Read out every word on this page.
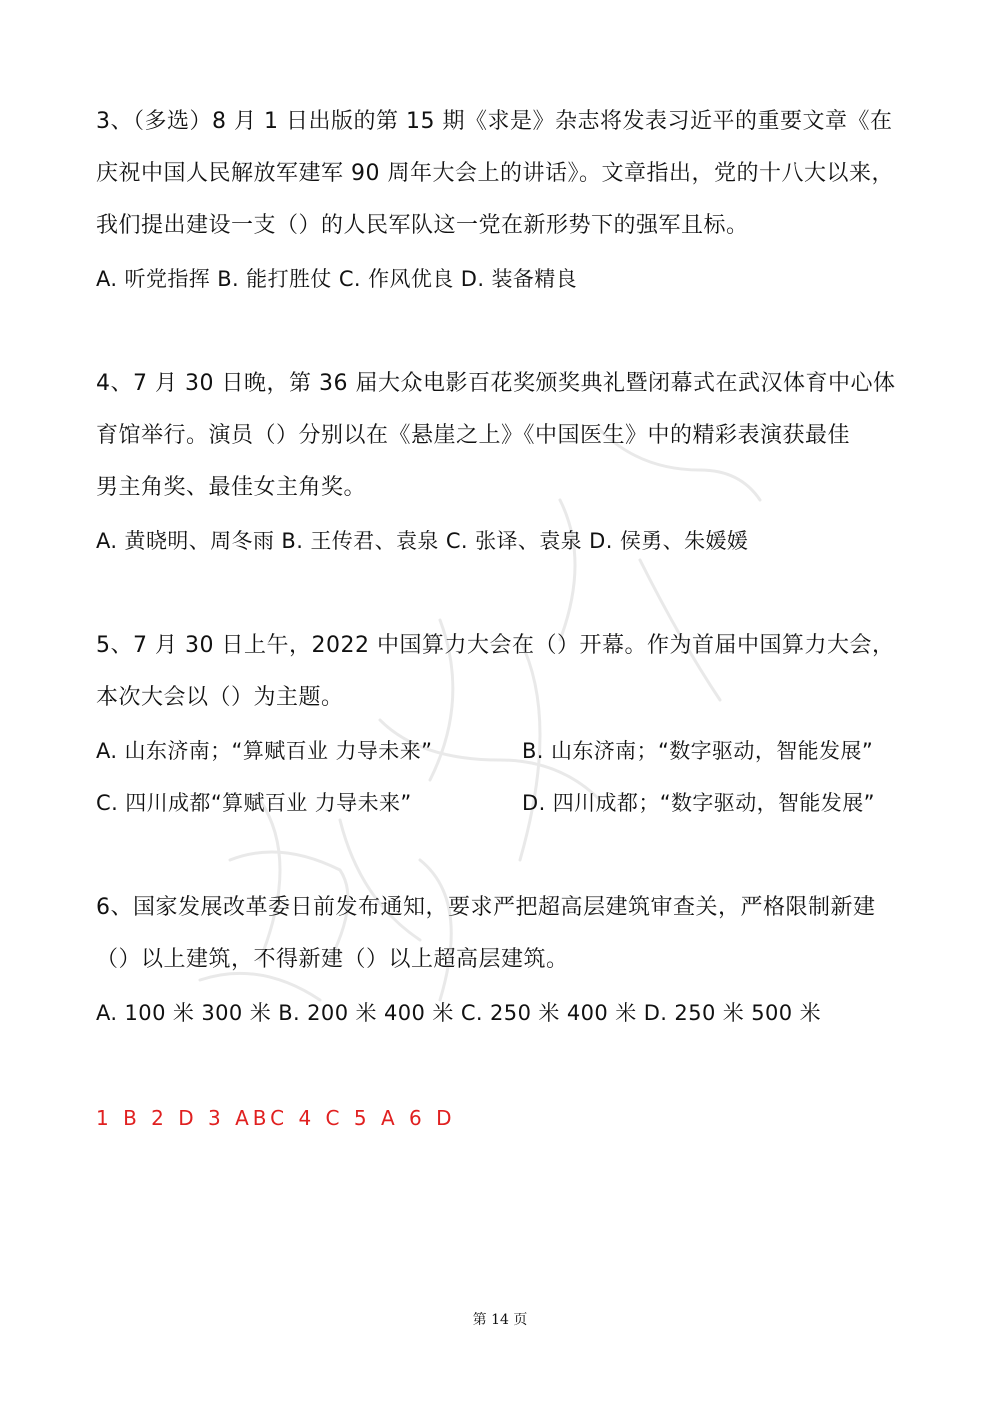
3、（多选）8 月 1 日出版的第 15 期《求是》杂志将发表习近平的重要文章《在
庆祝中国人民解放军建军 90 周年大会上的讲话》。文章指出，党的十八大以来，
我们提出建设一支（）的人民军队这一党在新形势下的强军且标。
A. 听党指挥 B. 能打胜仗 C. 作风优良 D. 装备精良
4、7 月 30 日晚，第 36 届大众电影百花奖颁奖典礼暨闭幕式在武汉体育中心体
育馆举行。演员（）分别以在《悬崖之上》《中国医生》中的精彩表演获最佳
男主角奖、最佳女主角奖。
A. 黄晓明、周冬雨 B. 王传君、袁泉 C. 张译、袁泉 D. 侯勇、朱媛媛
5、7 月 30 日上午，2022 中国算力大会在（）开幕。作为首届中国算力大会，
本次大会以（）为主题。
A. 山东济南；“算赋百业 力导未来”	B. 山东济南；“数字驱动，智能发展”
C. 四川成都“算赋百业 力导未来”	D. 四川成都；“数字驱动，智能发展”
6、国家发展改革委日前发布通知，要求严把超高层建筑审查关，严格限制新建
（）以上建筑，不得新建（）以上超高层建筑。
A. 100 米 300 米 B. 200 米 400 米 C. 250 米 400 米 D. 250 米 500 米
1 B 2 D 3 ABC 4 C 5 A 6 D
第 14 页
